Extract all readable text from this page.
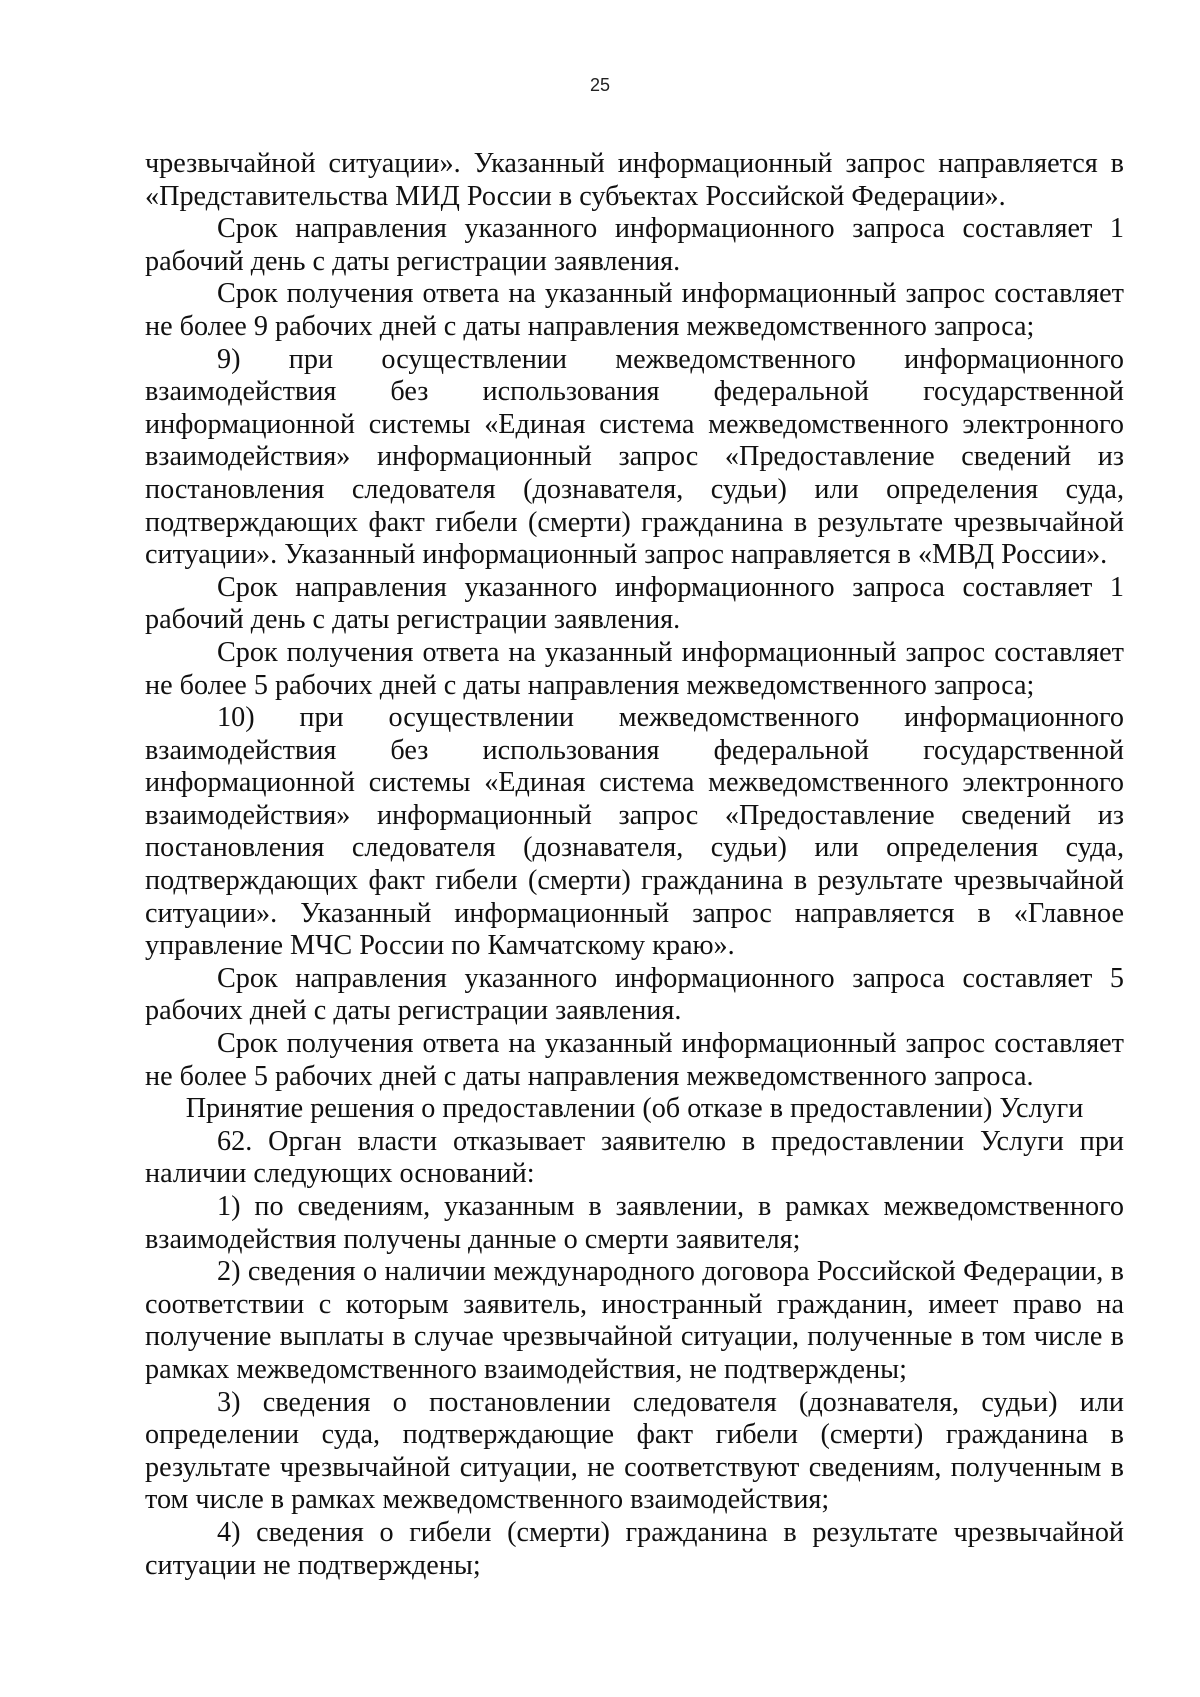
25

чрезвычайной ситуации». Указанный информационный запрос направляется в «Представительства МИД России в субъектах Российской Федерации».

Срок направления указанного информационного запроса составляет 1 рабочий день с даты регистрации заявления.

Срок получения ответа на указанный информационный запрос составляет не более 9 рабочих дней с даты направления межведомственного запроса;

9) при осуществлении межведомственного информационного взаимодействия без использования федеральной государственной информационной системы «Единая система межведомственного электронного взаимодействия» информационный запрос «Предоставление сведений из постановления следователя (дознавателя, судьи) или определения суда, подтверждающих факт гибели (смерти) гражданина в результате чрезвычайной ситуации». Указанный информационный запрос направляется в «МВД России».

Срок направления указанного информационного запроса составляет 1 рабочий день с даты регистрации заявления.

Срок получения ответа на указанный информационный запрос составляет не более 5 рабочих дней с даты направления межведомственного запроса;

10) при осуществлении межведомственного информационного взаимодействия без использования федеральной государственной информационной системы «Единая система межведомственного электронного взаимодействия» информационный запрос «Предоставление сведений из постановления следователя (дознавателя, судьи) или определения суда, подтверждающих факт гибели (смерти) гражданина в результате чрезвычайной ситуации». Указанный информационный запрос направляется в «Главное управление МЧС России по Камчатскому краю».

Срок направления указанного информационного запроса составляет 5 рабочих дней с даты регистрации заявления.

Срок получения ответа на указанный информационный запрос составляет не более 5 рабочих дней с даты направления межведомственного запроса.

Принятие решения о предоставлении (об отказе в предоставлении) Услуги

62. Орган власти отказывает заявителю в предоставлении Услуги при наличии следующих оснований:

1) по сведениям, указанным в заявлении, в рамках межведомственного взаимодействия получены данные о смерти заявителя;

2) сведения о наличии международного договора Российской Федерации, в соответствии с которым заявитель, иностранный гражданин, имеет право на получение выплаты в случае чрезвычайной ситуации, полученные в том числе в рамках межведомственного взаимодействия, не подтверждены;

3) сведения о постановлении следователя (дознавателя, судьи) или определении суда, подтверждающие факт гибели (смерти) гражданина в результате чрезвычайной ситуации, не соответствуют сведениям, полученным в том числе в рамках межведомственного взаимодействия;

4) сведения о гибели (смерти) гражданина в результате чрезвычайной ситуации не подтверждены;
